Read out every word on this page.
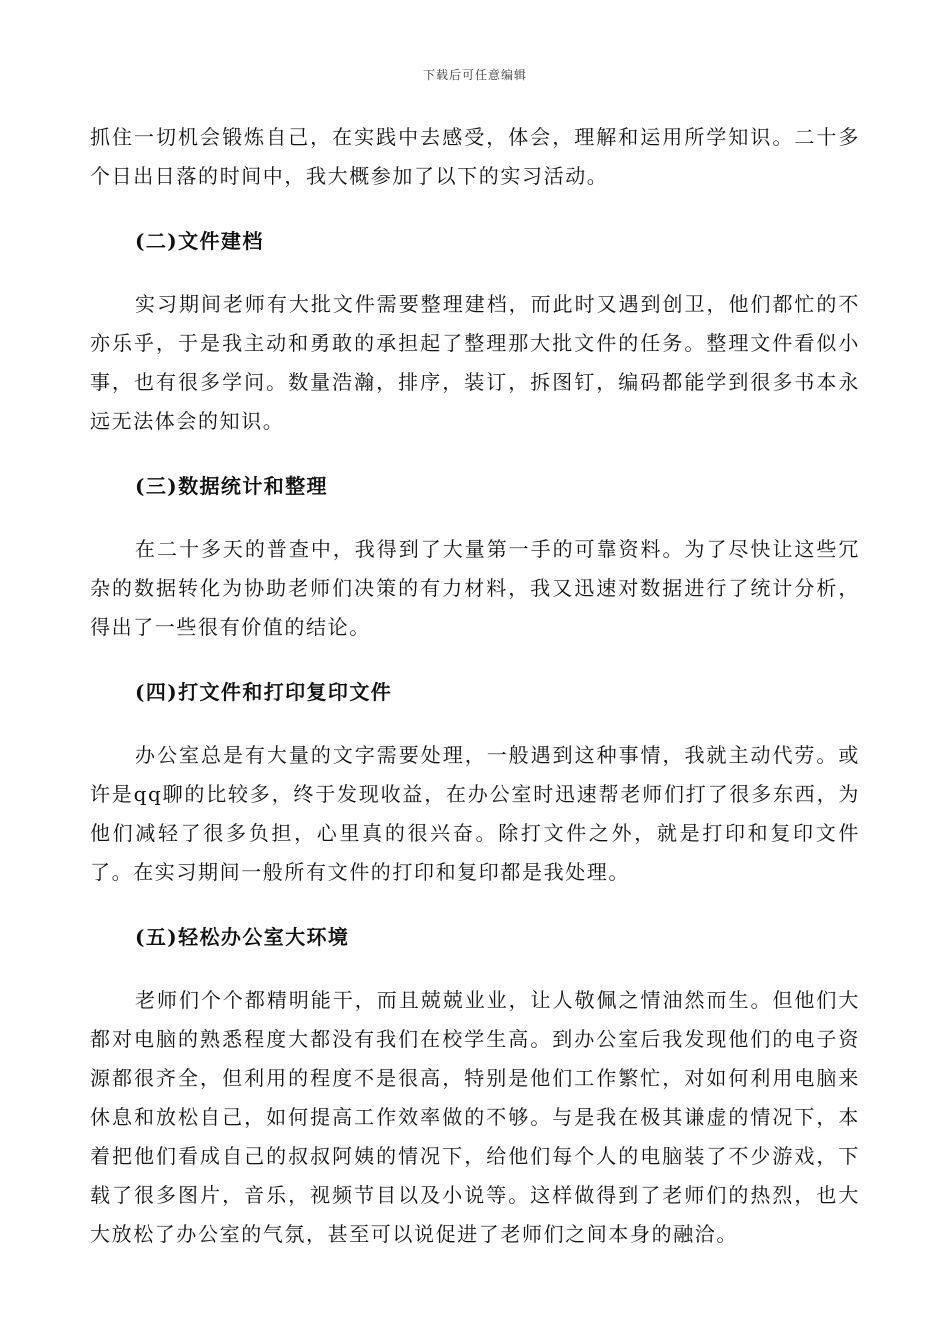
下载后可任意编辑

抓住一切机会锻炼自己，在实践中去感受，体会，理解和运用所学知识。二十多个日出日落的时间中，我大概参加了以下的实习活动。

(二)文件建档

实习期间老师有大批文件需要整理建档，而此时又遇到创卫，他们都忙的不亦乐乎，于是我主动和勇敢的承担起了整理那大批文件的任务。整理文件看似小事，也有很多学问。数量浩瀚，排序，装订，拆图钉，编码都能学到很多书本永远无法体会的知识。

(三)数据统计和整理

在二十多天的普查中，我得到了大量第一手的可靠资料。为了尽快让这些冗杂的数据转化为协助老师们决策的有力材料，我又迅速对数据进行了统计分析，得出了一些很有价值的结论。

(四)打文件和打印复印文件

办公室总是有大量的文字需要处理，一般遇到这种事情，我就主动代劳。或许是qq聊的比较多，终于发现收益，在办公室时迅速帮老师们打了很多东西，为他们减轻了很多负担，心里真的很兴奋。除打文件之外，就是打印和复印文件了。在实习期间一般所有文件的打印和复印都是我处理。

(五)轻松办公室大环境

老师们个个都精明能干，而且兢兢业业，让人敬佩之情油然而生。但他们大都对电脑的熟悉程度大都没有我们在校学生高。到办公室后我发现他们的电子资源都很齐全，但利用的程度不是很高，特别是他们工作繁忙，对如何利用电脑来休息和放松自己，如何提高工作效率做的不够。与是我在极其谦虚的情况下，本着把他们看成自己的叔叔阿姨的情况下，给他们每个人的电脑装了不少游戏，下载了很多图片，音乐，视频节目以及小说等。这样做得到了老师们的热烈，也大大放松了办公室的气氛，甚至可以说促进了老师们之间本身的融洽。
